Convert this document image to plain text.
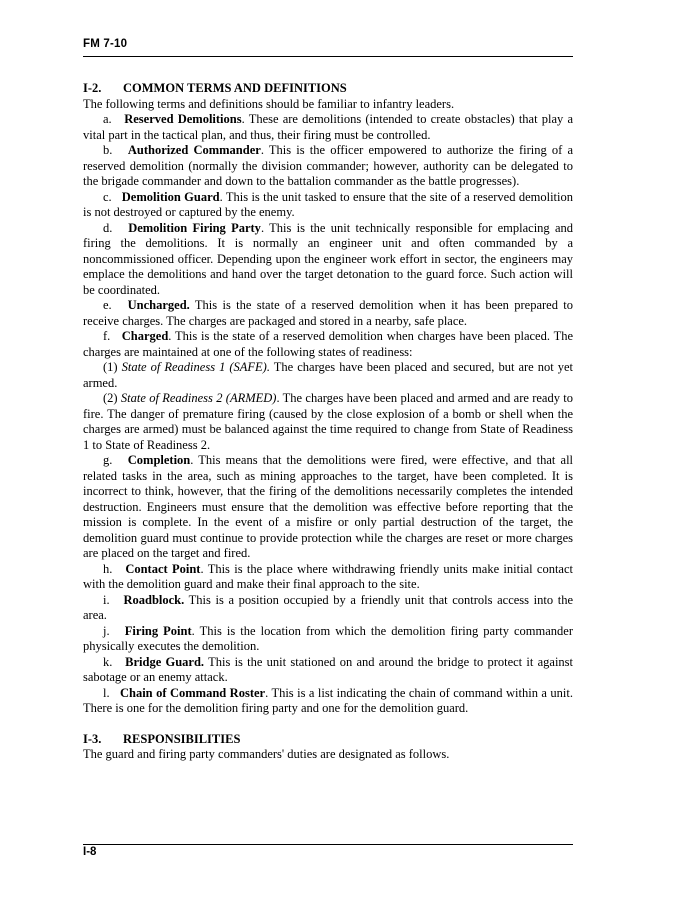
FM 7-10
I-2.	COMMON TERMS AND DEFINITIONS

The following terms and definitions should be familiar to infantry leaders.

a. Reserved Demolitions. These are demolitions (intended to create obstacles) that play a vital part in the tactical plan, and thus, their firing must be controlled.

b. Authorized Commander. This is the officer empowered to authorize the firing of a reserved demolition (normally the division commander; however, authority can be delegated to the brigade commander and down to the battalion commander as the battle progresses).

c. Demolition Guard. This is the unit tasked to ensure that the site of a reserved demolition is not destroyed or captured by the enemy.

d. Demolition Firing Party. This is the unit technically responsible for emplacing and firing the demolitions. It is normally an engineer unit and often commanded by a noncommissioned officer. Depending upon the engineer work effort in sector, the engineers may emplace the demolitions and hand over the target detonation to the guard force. Such action will be coordinated.

e. Uncharged. This is the state of a reserved demolition when it has been prepared to receive charges. The charges are packaged and stored in a nearby, safe place.

f. Charged. This is the state of a reserved demolition when charges have been placed. The charges are maintained at one of the following states of readiness:

(1) State of Readiness 1 (SAFE). The charges have been placed and secured, but are not yet armed.

(2) State of Readiness 2 (ARMED). The charges have been placed and armed and are ready to fire. The danger of premature firing (caused by the close explosion of a bomb or shell when the charges are armed) must be balanced against the time required to change from State of Readiness 1 to State of Readiness 2.

g. Completion. This means that the demolitions were fired, were effective, and that all related tasks in the area, such as mining approaches to the target, have been completed. It is incorrect to think, however, that the firing of the demolitions necessarily completes the intended destruction. Engineers must ensure that the demolition was effective before reporting that the mission is complete. In the event of a misfire or only partial destruction of the target, the demolition guard must continue to provide protection while the charges are reset or more charges are placed on the target and fired.

h. Contact Point. This is the place where withdrawing friendly units make initial contact with the demolition guard and make their final approach to the site.

i. Roadblock. This is a position occupied by a friendly unit that controls access into the area.

j. Firing Point. This is the location from which the demolition firing party commander physically executes the demolition.

k. Bridge Guard. This is the unit stationed on and around the bridge to protect it against sabotage or an enemy attack.

l. Chain of Command Roster. This is a list indicating the chain of command within a unit. There is one for the demolition firing party and one for the demolition guard.

I-3.	RESPONSIBILITIES

The guard and firing party commanders' duties are designated as follows.

I-8
